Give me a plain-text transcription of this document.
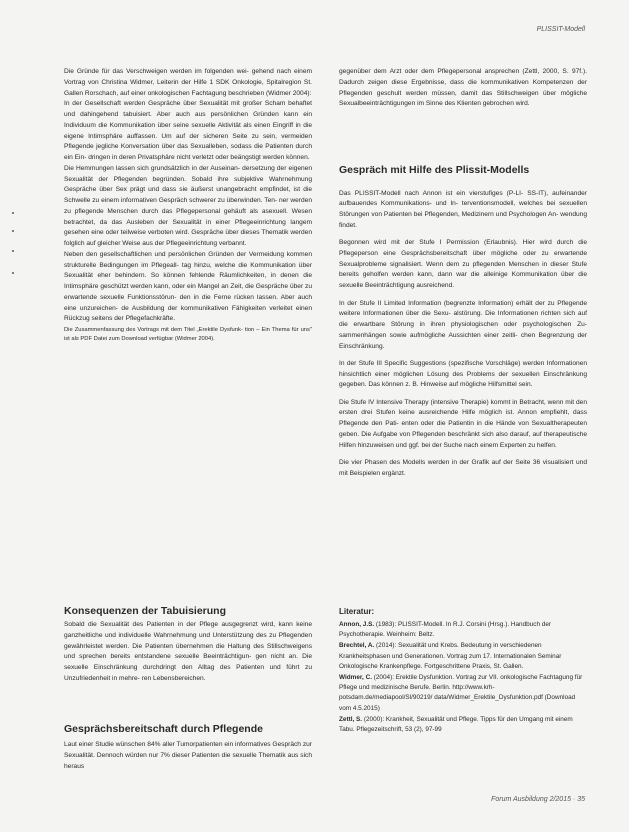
PLISSIT-Modell

Die Gründe für das Verschweigen werden im folgenden wei- gehend nach einem Vortrag von Christina Widmer, Leiterin der Hilfe 1 SDK Onkologie, Spitalregion St. Gallen Rorschach, auf einer onkologischen Fachtagung beschrieben (Widmer 2004):

In der Gesellschaft werden Gespräche über Sexualität mit großer Scham behaftet und dahingehend tabuisiert. Aber auch aus persönlichen Gründen kann ein Individuum die Kommunikation über seine sexuelle Aktivität als einen Eingriff in die eigene Intimsphäre auffassen. Um auf der sicheren Seite zu sein, vermeiden Pflegende jegliche Konversation über das Sexualleben, sodass die Patienten durch ein Ein- dringen in deren Privatsphäre nicht verletzt oder beängstigt werden können.

Die Hemmungen lassen sich grundsätzlich in der Auseinan- dersetzung der eigenen Sexualität der Pflegenden begründen. Sobald ihre subjektive Wahrnehmung Gespräche über Sex prägt und dass sie äußerst unangebracht empfindet, ist die Schwelle zu einem informativen Gespräch schwerer zu überwinden. Ten- ner werden zu pflegende Menschen durch das Pflegepersonal gehäuft als asexuell. Wesen betrachtet, da das Ausleben der Sexualität in einer Pflegeeinrichtung langem gesehen eine oder teilweise verboten wird. Gespräche über dieses Thematik werden folglich auf gleicher Weise aus der Pflegeeinrichtung verbannt.

Neben den gesellschaftlichen und persönlichen Gründen der Vermeidung kommen strukturelle Bedingungen im Pflegeall- tag hinzu, welche die Kommunikation über Sexualität eher behindern. So können fehlende Räumlichkeiten, in denen die Intimsphäre geschützt werden kann, oder ein Mangel an Zeit, die Gespräche über zu erwartende sexuelle Funktionsstörun- den in die Ferne rücken lassen. Aber auch eine unzureichen- de Ausbildung der kommunikativen Fähigkeiten verleitet einen Rückzug seitens der Pflegefachkräfte.

Die Zusammenfassung des Vortrags mit dem Titel „Erektile Dysfunk- tion – Ein Thema für uns" ist als PDF Datei zum Download verfügbar (Widmer 2004).

Konsequenzen der Tabuisierung
Sobald die Sexualität des Patienten in der Pflege ausgegrenzt wird, kann keine ganzheitliche und individuelle Wahrnehmung und Unterstützung des zu Pflegenden gewährleistet werden. Die Patienten übernehmen die Haltung des Stillschweigens und sprechen bereits entstandene sexuelle Beeinträchtigun- gen nicht an. Die sexuelle Einschränkung durchdringt den Alltag des Patienten und führt zu Unzufriedenheit in mehre- ren Lebensbereichen.
Gesprächsbereitschaft durch Pflegende
Laut einer Studie wünschen 84% aller Tumorpatienten ein informatives Gespräch zur Sexualität. Dennoch würden nur 7% dieser Patienten die sexuelle Thematik aus sich heraus
gegenüber dem Arzt oder dem Pflegepersonal ansprechen (Zettl, 2000, S. 97f.). Dadurch zeigen diese Ergebnisse, dass die kommunikativen Kompetenzen der Pflegenden geschult werden müssen, damit das Stillschweigen über mögliche Sexualbeeinträchtigungen im Sinne des Klienten gebrochen wird.
Gespräch mit Hilfe des Plissit-Modells

Das PLISSIT-Modell nach Annon ist ein vierstufiges (P-LI- SS-IT), aufeinander aufbauendes Kommunikations- und In- terventionsmodell, welches bei sexuellen Störungen von Patienten bei Pflegenden, Medizinern und Psychologen An- wendung findet.

Begonnen wird mit der Stufe I Permission (Erlaubnis). Hier wird durch die Pflegeperson eine Gesprächsbereitschaft über mögliche oder zu erwartende Sexualprobleme signalisiert. Wenn dem zu pflegenden Menschen in dieser Stufe bereits geholfen werden kann, dann war die alleinige Kommunikation über die sexuelle Beeinträchtigung ausreichend.

In der Stufe II Limited Information (begrenzte Information) erhält der zu Pflegende weitere Informationen über die Sexu- alstörung. Die Informationen richten sich auf die erwartbare Störung in ihren physiologischen oder psychologischen Zu- sammenhängen sowie aufmögliche Aussichten einer zeitli- chen Begrenzung der Einschränkung.

In der Stufe III Specific Suggestions (spezifische Vorschläge) werden Informationen hinsichtlich einer möglichen Lösung des Problems der sexuellen Einschränkung gegeben. Das können z. B. Hinweise auf mögliche Hilfsmittel sein.

Die Stufe IV Intensive Therapy (intensive Therapie) kommt in Betracht, wenn mit den ersten drei Stufen keine ausreichende Hilfe möglich ist. Annon empfiehlt, dass Pflegende den Pati- enten oder die Patientin in die Hände von Sexualtherapeuten geben. Die Aufgabe von Pflegenden beschränkt sich also darauf, auf therapeutische Hilfen hinzuweisen und ggf. bei der Suche nach einem Experten zu helfen.

Die vier Phasen des Modells werden in der Grafik auf der Seite 36 visualisiert und mit Beispielen ergänzt.

Literatur:

Annon, J.S. (1983): PLISSIT-Modell. In R.J. Corsini (Hrsg.). Handbuch der Psychotherapie. Weinheim: Beltz.

Brechtel, A. (2014): Sexualität und Krebs. Bedeutung in verschiedenen Krankheitsphasen und Generationen. Vortrag zum 17. Internationalen Seminar Onkologische Krankenpflege. Fortgeschrittene Praxis, St. Gallen.

Widmer, C. (2004): Erektile Dysfunktion. Vortrag zur VII. onkologische Fachtagung für Pflege und medizinische Berufe. Berlin. http://www.krh-potsdam.de/mediapool/Sl/90219/ data/Widmer_Erektile_Dysfunktion.pdf (Download vom 4.5.2015)

Zettl, S. (2000): Krankheit, Sexualität und Pflege. Tipps für den Umgang mit einem Tabu. Pflegezeitschrift, 53 (2), 97-99

Forum Ausbildung 2/2015 · 35
